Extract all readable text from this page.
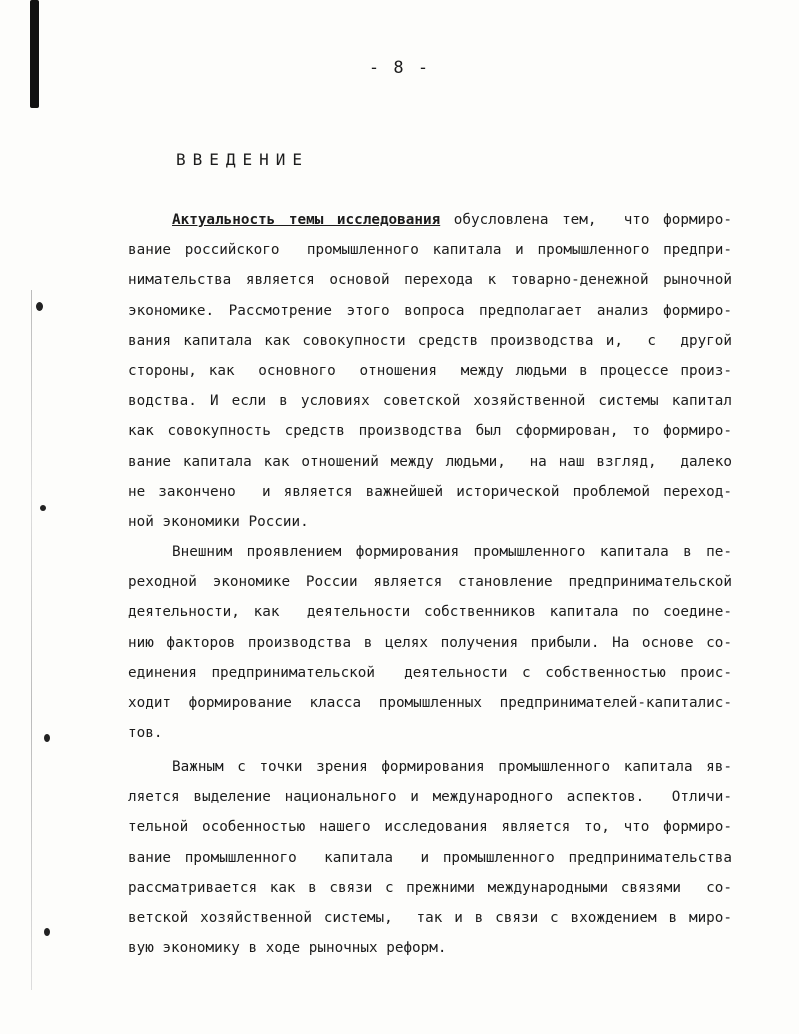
- 8 -
ВВЕДЕНИЕ
Актуальность темы исследования обусловлена тем,  что формиро-
вание российского  промышленного капитала и промышленного предпри-
нимательства является основой перехода к товарно-денежной рыночной
экономике. Рассмотрение этого вопроса предполагает анализ формиро-
вания капитала как совокупности средств производства и,  с  другой
стороны, как  основного  отношения  между людьми в процессе произ-
водства. И если в условиях советской хозяйственной системы капитал
как совокупность средств производства был сформирован, то формиро-
вание капитала как отношений между людьми,  на наш взгляд,  далеко
не закончено  и является важнейшей исторической проблемой переход-
ной экономики России.
Внешним проявлением формирования промышленного капитала в пе-
реходной экономике России является становление предпринимательской
деятельности, как  деятельности собственников капитала по соедине-
нию факторов производства в целях получения прибыли. На основе со-
единения предпринимательской  деятельности с собственностью проис-
ходит формирование класса промышленных предпринимателей-капиталис-
тов.
Важным с точки зрения формирования промышленного капитала яв-
ляется выделение национального и международного аспектов.  Отличи-
тельной особенностью нашего исследования является то, что формиро-
вание промышленного  капитала  и промышленного предпринимательства
рассматривается как в связи с прежними международными связями  со-
ветской хозяйственной системы,  так и в связи с вхождением в миро-
вую экономику в ходе рыночных реформ.
